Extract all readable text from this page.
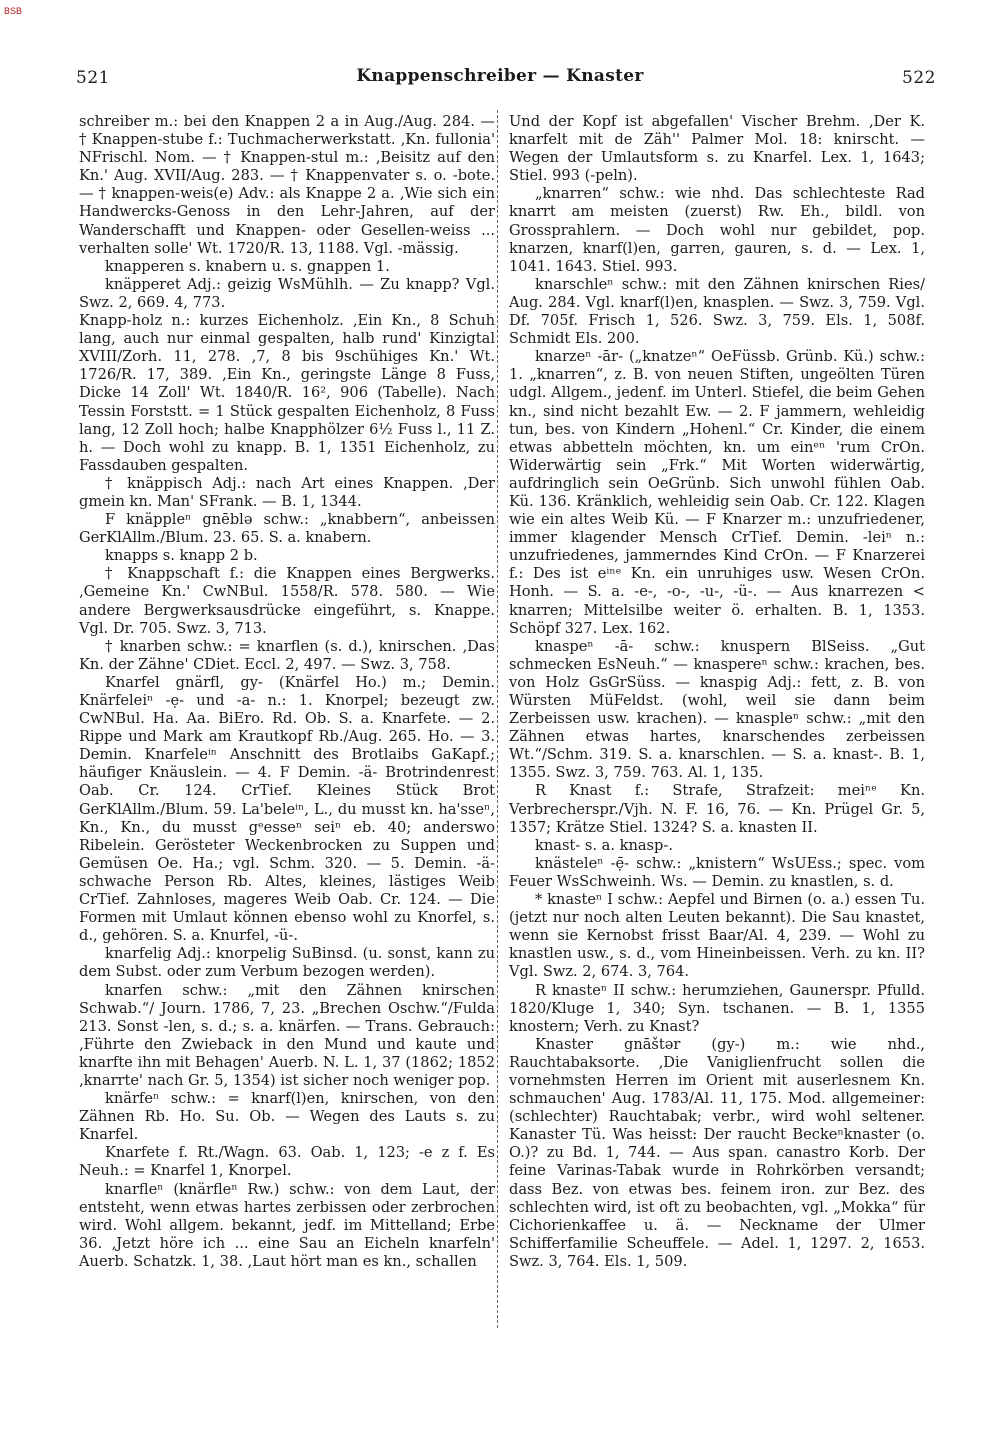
BSB
521	Knappenschreiber — Knaster	522

schreiber m.: bei den Knappen 2 a in Aug./Aug. 284. — † Knappen-stube f.: Tuchmacherwerkstatt. ‚Kn. fullonia' NFrischl. Nom. — † Knappen-stul m.: ‚Beisitz auf den Kn.' Aug. XVII/Aug. 283. — † Knappenvater s. o. -bote. — † knappen-weis(e) Adv.: als Knappe 2 a. ‚Wie sich ein Handwercks-Genoss in den Lehr-Jahren, auf der Wanderschafft und Knappen- oder Gesellen-weiss ... verhalten solle' Wt. 1720/R. 13, 1188. Vgl. -mässig.

knapperen s. knabern u. s. gnappen 1.

knäpperet Adj.: geizig WsMühlh. — Zu knapp? Vgl. Swz. 2, 669. 4, 773.

Knapp-holz n.: kurzes Eichenholz. ‚Ein Kn., 8 Schuh lang, auch nur einmal gespalten, halb rund' Kinzigtal XVIII/Zorh. 11, 278. ‚7, 8 bis 9schühiges Kn.' Wt. 1726/R. 17, 389. ‚Ein Kn., geringste Länge 8 Fuss, Dicke 14 Zoll' Wt. 1840/R. 16², 906 (Tabelle). Nach Tessin Forststt. = 1 Stück gespalten Eichenholz, 8 Fuss lang, 12 Zoll hoch; halbe Knapphölzer 6½ Fuss l., 11 Z. h. — Doch wohl zu knapp. B. 1, 1351 Eichenholz, zu Fassdauben gespalten.

† knäppisch Adj.: nach Art eines Knappen. ‚Der gmein kn. Man' SFrank. — B. 1, 1344.

F knäppleⁿ gnēblə schw.: „knabbern“, anbeissen GerKlAllm./Blum. 23. 65. S. a. knabern.

knapps s. knapp 2 b.

† Knappschaft f.: die Knappen eines Bergwerks. ‚Gemeine Kn.' CwNBul. 1558/R. 578. 580. — Wie andere Bergwerksausdrücke eingeführt, s. Knappe. Vgl. Dr. 705. Swz. 3, 713.

† knarben schw.: = knarflen (s. d.), knirschen. ‚Das Kn. der Zähne' CDiet. Eccl. 2, 497. — Swz. 3, 758.

Knarfel gnärfl, gy- (Knärfel Ho.) m.; Demin. Knärfeleiⁿ -ẹ- und -a- n.: 1. Knorpel; bezeugt zw. CwNBul. Ha. Aa. BiEro. Rd. Ob. S. a. Knarfete. — 2. Rippe und Mark am Krautkopf Rb./Aug. 265. Ho. — 3. Demin. Knarfeleⁱⁿ Anschnitt des Brotlaibs GaKapf.; häufiger Knäuslein. — 4. F Demin. -ä- Brotrindenrest Oab. Cr. 124. CrTief. Kleines Stück Brot GerKlAllm./Blum. 59. La'beleⁱⁿ, L., du musst kn. ha'sseⁿ, Kn., Kn., du musst gᵉesseⁿ seiⁿ eb. 40; anderswo Ribelein. Gerösteter Weckenbrocken zu Suppen und Gemüsen Oe. Ha.; vgl. Schm. 320. — 5. Demin. -ä- schwache Person Rb. Altes, kleines, lästiges Weib CrTief. Zahnloses, mageres Weib Oab. Cr. 124. — Die Formen mit Umlaut können ebenso wohl zu Knorfel, s. d., gehören. S. a. Knurfel, -ü-.

knarfelig Adj.: knorpelig SuBinsd. (u. sonst, kann zu dem Subst. oder zum Verbum bezogen werden).

knarfen schw.: „mit den Zähnen knirschen Schwab.“/ Journ. 1786, 7, 23. „Brechen Oschw.“/Fulda 213. Sonst -len, s. d.; s. a. knärfen. — Trans. Gebrauch: ‚Führte den Zwieback in den Mund und kaute und knarfte ihn mit Behagen' Auerb. N. L. 1, 37 (1862; 1852 ‚knarrte' nach Gr. 5, 1354) ist sicher noch weniger pop.

knärfeⁿ schw.: = knarf(l)en, knirschen, von den Zähnen Rb. Ho. Su. Ob. — Wegen des Lauts s. zu Knarfel.

Knarfete f. Rt./Wagn. 63. Oab. 1, 123; -e z f. Es Neuh.: = Knarfel 1, Knorpel.

knarfleⁿ (knärfleⁿ Rw.) schw.: von dem Laut, der entsteht, wenn etwas hartes zerbissen oder zerbrochen wird. Wohl allgem. bekannt, jedf. im Mittelland; Erbe 36. ‚Jetzt höre ich ... eine Sau an Eicheln knarfeln' Auerb. Schatzk. 1, 38. ‚Laut hört man es kn., schallen

Und der Kopf ist abgefallen' Vischer Brehm. ‚Der K. knarfelt mit de Zäh'' Palmer Mol. 18: knirscht. — Wegen der Umlautsform s. zu Knarfel. Lex. 1, 1643; Stiel. 993 (-peln).

„knarren“ schw.: wie nhd. Das schlechteste Rad knarrt am meisten (zuerst) Rw. Eh., bildl. von Grossprahlern. — Doch wohl nur gebildet, pop. knarzen, knarf(l)en, garren, gauren, s. d. — Lex. 1, 1041. 1643. Stiel. 993.

knarschleⁿ schw.: mit den Zähnen knirschen Ries/ Aug. 284. Vgl. knarf(l)en, knasplen. — Swz. 3, 759. Vgl. Df. 705f. Frisch 1, 526. Swz. 3, 759. Els. 1, 508f. Schmidt Els. 200.

knarzeⁿ -ār- („knatzeⁿ“ OeFüssb. Grünb. Kü.) schw.: 1. „knarren“, z. B. von neuen Stiften, ungeölten Türen udgl. Allgem., jedenf. im Unterl. Stiefel, die beim Gehen kn., sind nicht bezahlt Ew. — 2. F jammern, wehleidig tun, bes. von Kindern „Hohenl.“ Cr. Kinder, die einem etwas abbetteln möchten, kn. um einᵉⁿ 'rum CrOn. Widerwärtig sein „Frk.“ Mit Worten widerwärtig, aufdringlich sein OeGrünb. Sich unwohl fühlen Oab. Kü. 136. Kränklich, wehleidig sein Oab. Cr. 122. Klagen wie ein altes Weib Kü. — F Knarzer m.: unzufriedener, immer klagender Mensch CrTief. Demin. -leiⁿ n.: unzufriedenes, jammerndes Kind CrOn. — F Knarzerei f.: Des ist eⁱⁿᵉ Kn. ein unruhiges usw. Wesen CrOn. Honh. — S. a. -e-, -o-, -u-, -ü-. — Aus knarrezen < knarren; Mittelsilbe weiter ö. erhalten. B. 1, 1353. Schöpf 327. Lex. 162.

knaspeⁿ -ā- schw.: knuspern BlSeiss. „Gut schmecken EsNeuh.“ — knaspereⁿ schw.: krachen, bes. von Holz GsGrSüss. — knaspig Adj.: fett, z. B. von Würsten MüFeldst. (wohl, weil sie dann beim Zerbeissen usw. krachen). — knaspleⁿ schw.: „mit den Zähnen etwas hartes, knarschendes zerbeissen Wt.“/Schm. 319. S. a. knarschlen. — S. a. knast-. B. 1, 1355. Swz. 3, 759. 763. Al. 1, 135.

R Knast f.: Strafe, Strafzeit: meiⁿᵉ Kn. Verbrecherspr./Vjh. N. F. 16, 76. — Kn. Prügel Gr. 5, 1357; Krätze Stiel. 1324? S. a. knasten II.

knast- s. a. knasp-.

knästeleⁿ -ẹ̄- schw.: „knistern“ WsUEss.; spec. vom Feuer WsSchweinh. Ws. — Demin. zu knastlen, s. d.

* knasteⁿ I schw.: Aepfel und Birnen (o. a.) essen Tu. (jetzt nur noch alten Leuten bekannt). Die Sau knastet, wenn sie Kernobst frisst Baar/Al. 4, 239. — Wohl zu knastlen usw., s. d., vom Hineinbeissen. Verh. zu kn. II? Vgl. Swz. 2, 674. 3, 764.

R knasteⁿ II schw.: herumziehen, Gaunerspr. Pfulld. 1820/Kluge 1, 340; Syn. tschanen. — B. 1, 1355 knostern; Verh. zu Knast?

Knaster gnāštər (gy-) m.: wie nhd., Rauchtabaksorte. ‚Die Vaniglienfrucht sollen die vornehmsten Herren im Orient mit auserlesnem Kn. schmauchen' Aug. 1783/Al. 11, 175. Mod. allgemeiner: (schlechter) Rauchtabak; verbr., wird wohl seltener. Kanaster Tü. Was heisst: Der raucht Beckeⁿknaster (o. O.)? zu Bd. 1, 744. — Aus span. canastro Korb. Der feine Varinas-Tabak wurde in Rohrkörben versandt; dass Bez. von etwas bes. feinem iron. zur Bez. des schlechten wird, ist oft zu beobachten, vgl. „Mokka“ für Cichorienkaffee u. ä. — Neckname der Ulmer Schifferfamilie Scheuffele. — Adel. 1, 1297. 2, 1653. Swz. 3, 764. Els. 1, 509.
